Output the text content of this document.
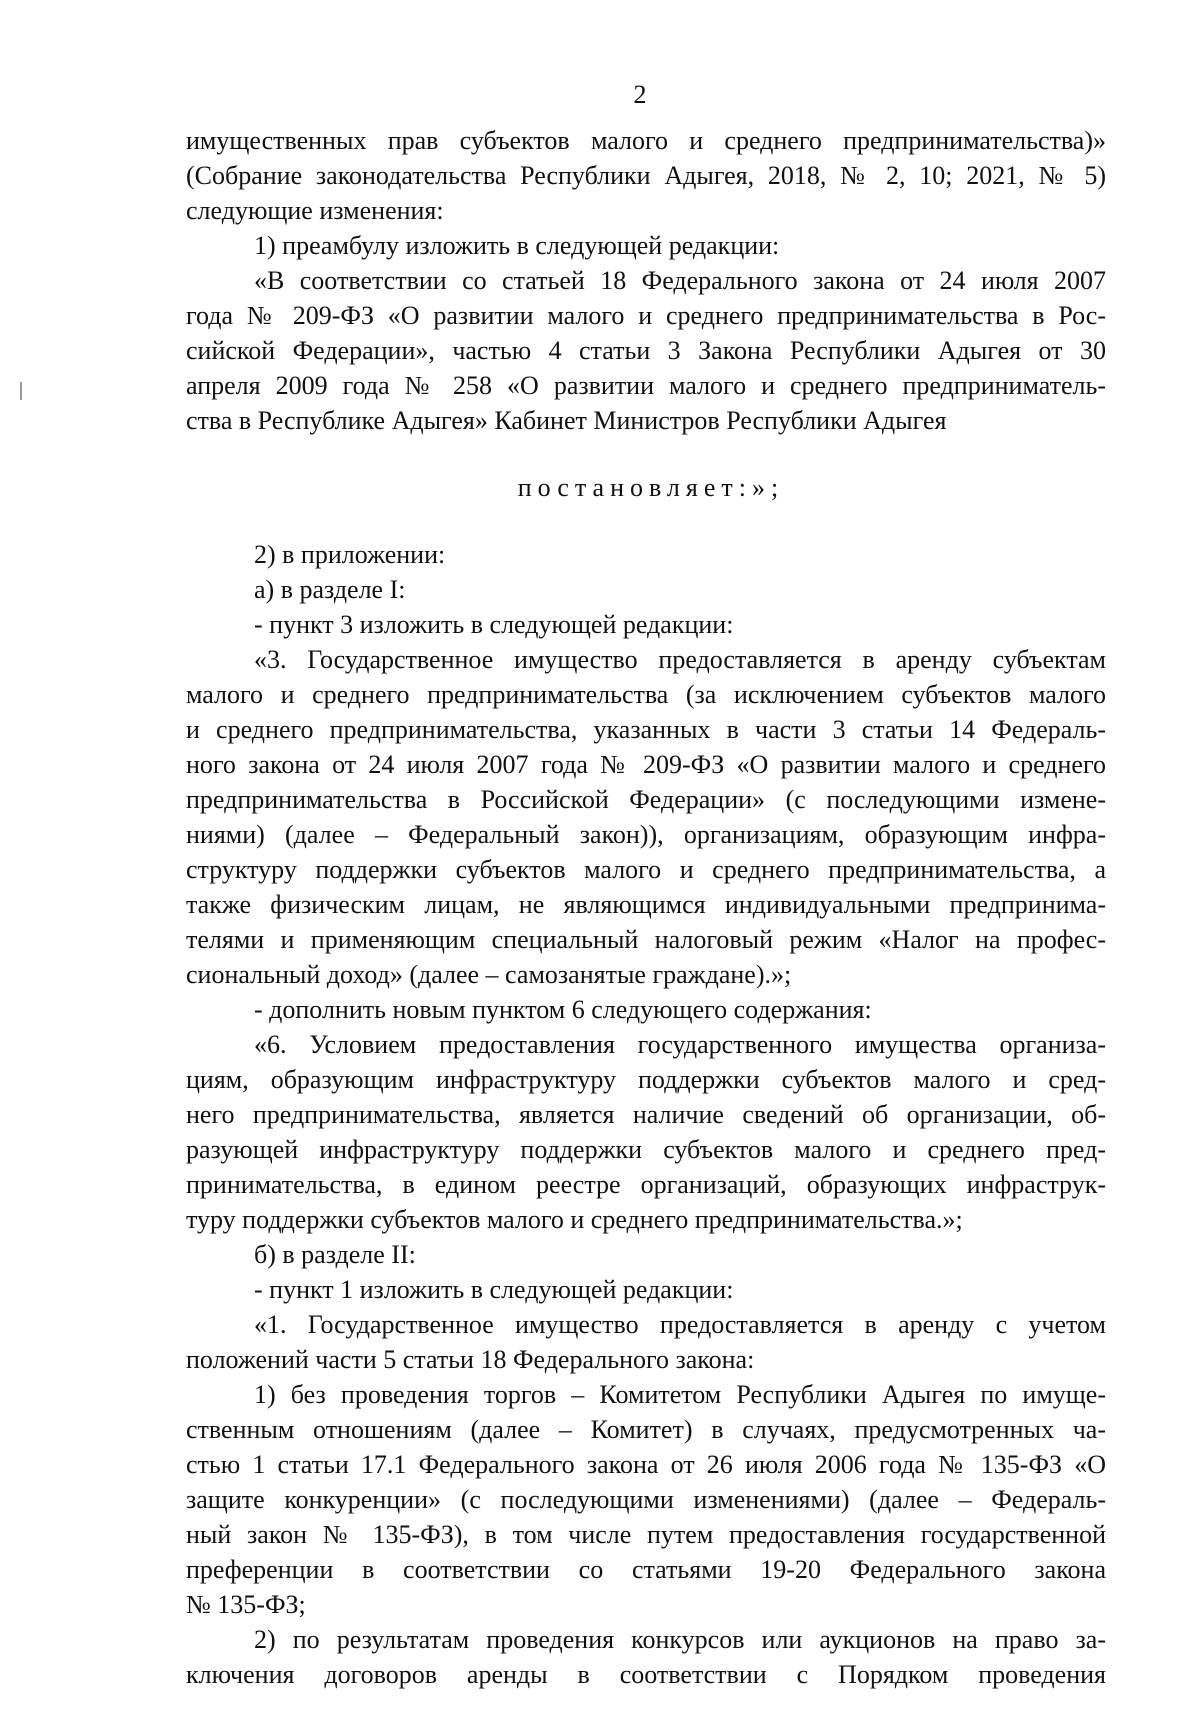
2
имущественных прав субъектов малого и среднего предпринимательства)»
(Собрание законодательства Республики Адыгея, 2018, № 2, 10; 2021, № 5)
следующие изменения:
1) преамбулу изложить в следующей редакции:
«В соответствии со статьей 18 Федерального закона от 24 июля 2007
года № 209-ФЗ «О развитии малого и среднего предпринимательства в Рос-
сийской Федерации», частью 4 статьи 3 Закона Республики Адыгея от 30
апреля 2009 года № 258 «О развитии малого и среднего предприниматель-
ства в Республике Адыгея» Кабинет Министров Республики Адыгея
постановляет:»;
2) в приложении:
а) в разделе I:
- пункт 3 изложить в следующей редакции:
«3. Государственное имущество предоставляется в аренду субъектам
малого и среднего предпринимательства (за исключением субъектов малого
и среднего предпринимательства, указанных в части 3 статьи 14 Федераль-
ного закона от 24 июля 2007 года № 209-ФЗ «О развитии малого и среднего
предпринимательства в Российской Федерации» (с последующими измене-
ниями) (далее – Федеральный закон)), организациям, образующим инфра-
структуру поддержки субъектов малого и среднего предпринимательства, а
также физическим лицам, не являющимся индивидуальными предпринима-
телями и применяющим специальный налоговый режим «Налог на профес-
сиональный доход» (далее – самозанятые граждане).»;
- дополнить новым пунктом 6 следующего содержания:
«6. Условием предоставления государственного имущества организа-
циям, образующим инфраструктуру поддержки субъектов малого и сред-
него предпринимательства, является наличие сведений об организации, об-
разующей инфраструктуру поддержки субъектов малого и среднего пред-
принимательства, в едином реестре организаций, образующих инфраструк-
туру поддержки субъектов малого и среднего предпринимательства.»;
б) в разделе II:
- пункт 1 изложить в следующей редакции:
«1. Государственное имущество предоставляется в аренду с учетом
положений части 5 статьи 18 Федерального закона:
1) без проведения торгов – Комитетом Республики Адыгея по имуще-
ственным отношениям (далее – Комитет) в случаях, предусмотренных ча-
стью 1 статьи 17.1 Федерального закона от 26 июля 2006 года № 135-ФЗ «О
защите конкуренции» (с последующими изменениями) (далее – Федераль-
ный закон № 135-ФЗ), в том числе путем предоставления государственной
преференции в соответствии со статьями 19-20 Федерального закона
№ 135-ФЗ;
2) по результатам проведения конкурсов или аукционов на право за-
ключения договоров аренды в соответствии с Порядком проведения
